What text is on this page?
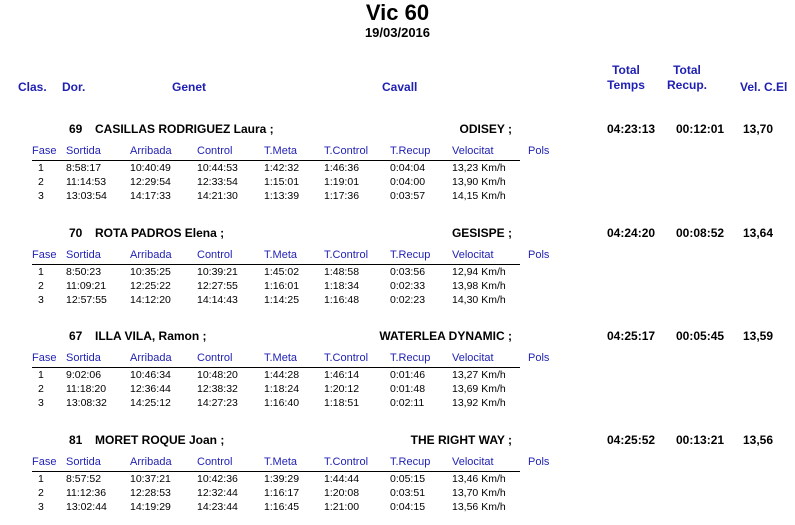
Vic 60
19/03/2016
Clas. Dor.	Genet	Cavall
Total
Temps
Total
Recup.	Vel. C.El
69 CASILLAS RODRIGUEZ Laura ;	ODISEY ;	04:23:13 00:12:01 13,70
Fase Sortida	Arribada Control	T.Meta T.Control T.Recup Velocitat	Pols
1 8:58:17	10:40:49 10:44:53 1:42:32 1:46:36	0:04:04	13,23 Km/h
2 11:14:53 12:29:54 12:33:54 1:15:01 1:19:01	0:04:00	13,90 Km/h
3 13:03:54 14:17:33 14:21:30 1:13:39 1:17:36	0:03:57	14,15 Km/h
70 ROTA PADROS Elena ;	GESISPE ;	04:24:20 00:08:52 13,64
Fase Sortida	Arribada Control	T.Meta T.Control T.Recup Velocitat	Pols
1 8:50:23	10:35:25 10:39:21 1:45:02 1:48:58	0:03:56	12,94 Km/h
2 11:09:21 12:25:22 12:27:55 1:16:01 1:18:34	0:02:33	13,98 Km/h
3 12:57:55 14:12:20 14:14:43 1:14:25 1:16:48	0:02:23	14,30 Km/h
67 ILLA VILA, Ramon ;	WATERLEA DYNAMIC ;	04:25:17 00:05:45 13,59
Fase Sortida	Arribada Control	T.Meta T.Control T.Recup Velocitat	Pols
1 9:02:06	10:46:34 10:48:20 1:44:28 1:46:14	0:01:46	13,27 Km/h
2 11:18:20 12:36:44 12:38:32 1:18:24 1:20:12	0:01:48	13,69 Km/h
3 13:08:32 14:25:12 14:27:23 1:16:40 1:18:51	0:02:11	13,92 Km/h
81 MORET ROQUE Joan ;	THE RIGHT WAY ;	04:25:52 00:13:21 13,56
Fase Sortida	Arribada Control	T.Meta T.Control T.Recup Velocitat	Pols
1 8:57:52	10:37:21 10:42:36 1:39:29 1:44:44	0:05:15	13,46 Km/h
2 11:12:36 12:28:53 12:32:44 1:16:17 1:20:08	0:03:51	13,70 Km/h
3 13:02:44 14:19:29 14:23:44 1:16:45 1:21:00	0:04:15	13,56 Km/h
